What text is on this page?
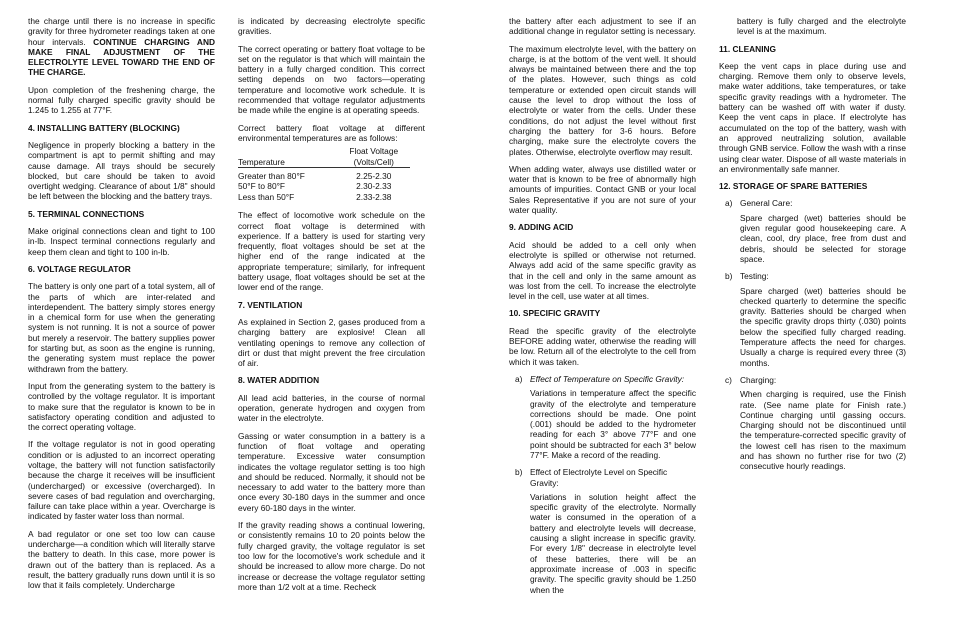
the charge until there is no increase in specific gravity for three hydrometer readings taken at one hour intervals. CONTINUE CHARGING AND MAKE FINAL ADJUSTMENT OF THE ELECTROLYTE LEVEL TOWARD THE END OF THE CHARGE.

Upon completion of the freshening charge, the normal fully charged specific gravity should be 1.245 to 1.255 at 77°F.

4. INSTALLING BATTERY (BLOCKING)

Negligence in properly blocking a battery in the compartment is apt to permit shifting and may cause damage. All trays should be securely blocked, but care should be taken to avoid overtight wedging. Clearance of about 1/8" should be left between the blocking and the battery trays.

5. TERMINAL CONNECTIONS

Make original connections clean and tight to 100 in-lb. Inspect terminal connections regularly and keep them clean and tight to 100 in-lb.

6. VOLTAGE REGULATOR

The battery is only one part of a total system, all of the parts of which are inter-related and interdependent. The battery simply stores energy in a chemical form for use when the generating system is not running. It is not a source of power but merely a reservoir. The battery supplies power for starting but, as soon as the engine is running, the generating system must replace the power withdrawn from the battery.

Input from the generating system to the battery is controlled by the voltage regulator. It is important to make sure that the regulator is known to be in satisfactory operating condition and adjusted to the correct operating voltage.

If the voltage regulator is not in good operating condition or is adjusted to an incorrect operating voltage, the battery will not function satisfactorily because the charge it receives will be insufficient (undercharged) or excessive (overcharged). In severe cases of bad regulation and overcharging, failure can take place within a year. Overcharge is indicated by faster water loss than normal.

A bad regulator or one set too low can cause undercharge—a condition which will literally starve the battery to death. In this case, more power is drawn out of the battery than is replaced. As a result, the battery gradually runs down until it is so low that it fails completely. Undercharge

is indicated by decreasing electrolyte specific gravities.

The correct operating or battery float voltage to be set on the regulator is that which will maintain the battery in a fully charged condition. This correct setting depends on two factors—operating temperature and locomotive work schedule. It is recommended that voltage regulator adjustments be made while the engine is at operating speeds.

Correct battery float voltage at different environmental temperatures are as follows:

	Float Voltage
Temperature	(Volts/Cell)
Greater than 80°F	2.25-2.30
50°F to 80°F	2.30-2.33
Less than 50°F	2.33-2.38

The effect of locomotive work schedule on the correct float voltage is determined with experience. If a battery is used for starting very frequently, float voltages should be set at the higher end of the range indicated at the appropriate temperature; similarly, for infrequent battery usage, float voltages should be set at the lower end of the range.

7. VENTILATION

As explained in Section 2, gases produced from a charging battery are explosive! Clean all ventilating openings to remove any collection of dirt or dust that might prevent the free circulation of air.

8. WATER ADDITION

All lead acid batteries, in the course of normal operation, generate hydrogen and oxygen from water in the electrolyte.

Gassing or water consumption in a battery is a function of float voltage and operating temperature. Excessive water consumption indicates the voltage regulator setting is too high and should be reduced. Normally, it should not be necessary to add water to the battery more than once every 30-180 days in the summer and once every 60-180 days in the winter.

If the gravity reading shows a continual lowering, or consistently remains 10 to 20 points below the fully charged gravity, the voltage regulator is set too low for the locomotive's work schedule and it should be increased to allow more charge. Do not increase or decrease the voltage regulator setting more than 1/2 volt at a time. Recheck

the battery after each adjustment to see if an additional change in regulator setting is necessary.

The maximum electrolyte level, with the battery on charge, is at the bottom of the vent well. It should always be maintained between there and the top of the plates. However, such things as cold temperature or extended open circuit stands will cause the level to drop without the loss of electrolyte or water from the cells. Under these conditions, do not adjust the level without first charging the battery for 3-6 hours. Before charging, make sure the electrolyte covers the plates. Otherwise, electrolyte overflow may result.

When adding water, always use distilled water or water that is known to be free of abnormally high amounts of impurities. Contact GNB or your local Sales Representative if you are not sure of your water quality.

9. ADDING ACID

Acid should be added to a cell only when electrolyte is spilled or otherwise not returned. Always add acid of the same specific gravity as that in the cell and only in the same amount as was lost from the cell. To increase the electrolyte level in the cell, use water at all times.

10. SPECIFIC GRAVITY

Read the specific gravity of the electrolyte BEFORE adding water, otherwise the reading will be low. Return all of the electrolyte to the cell from which it was taken.

a) Effect of Temperature on Specific Gravity:

Variations in temperature affect the specific gravity of the electrolyte and temperature corrections should be made. One point (.001) should be added to the hydrometer reading for each 3° above 77°F and one point should be subtracted for each 3° below 77°F. Make a record of the reading.

b) Effect of Electrolyte Level on Specific Gravity:

Variations in solution height affect the specific gravity of the electrolyte. Normally water is consumed in the operation of a battery and electrolyte levels will decrease, causing a slight increase in specific gravity. For every 1/8" decrease in electrolyte level of these batteries, there will be an approximate increase of .003 in specific gravity. The specific gravity should be 1.250 when the

battery is fully charged and the electrolyte level is at the maximum.

11. CLEANING

Keep the vent caps in place during use and charging. Remove them only to observe levels, make water additions, take temperatures, or take specific gravity readings with a hydrometer. The battery can be washed off with water if dusty. Keep the vent caps in place. If electrolyte has accumulated on the top of the battery, wash with an approved neutralizing solution, available through GNB service. Follow the wash with a rinse using clear water. Dispose of all waste materials in an environmentally safe manner.

12. STORAGE OF SPARE BATTERIES
a) General Care:

Spare charged (wet) batteries should be given regular good housekeeping care. A clean, cool, dry place, free from dust and debris, should be selected for storage space.

b) Testing:

Spare charged (wet) batteries should be checked quarterly to determine the specific gravity. Batteries should be charged when the specific gravity drops thirty (.030) points below the specified fully charged reading. Temperature affects the need for charges. Usually a charge is required every three (3) months.

c) Charging:

When charging is required, use the Finish rate. (See name plate for Finish rate.) Continue charging until gassing occurs. Charging should not be discontinued until the temperature-corrected specific gravity of the lowest cell has risen to the maximum and has shown no further rise for two (2) consecutive hourly readings.
